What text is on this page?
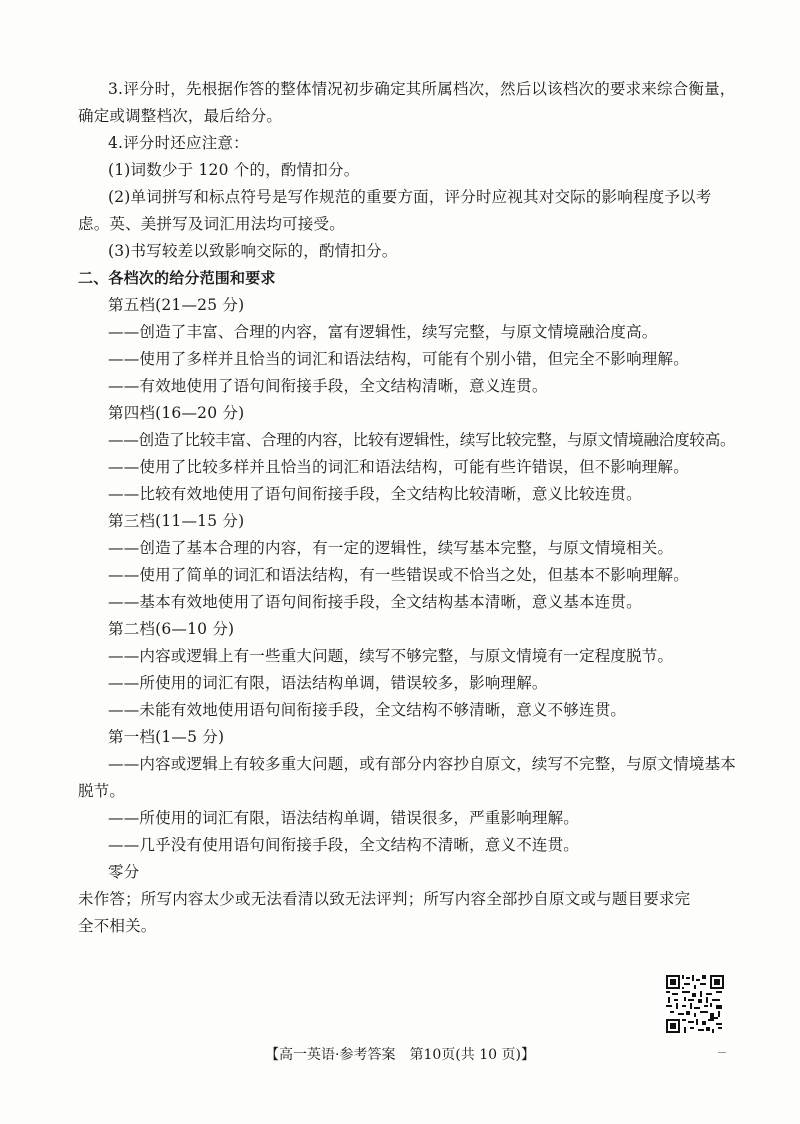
3.评分时，先根据作答的整体情况初步确定其所属档次，然后以该档次的要求来综合衡量，
确定或调整档次，最后给分。
4.评分时还应注意：
(1)词数少于 120 个的，酌情扣分。
(2)单词拼写和标点符号是写作规范的重要方面，评分时应视其对交际的影响程度予以考
虑。英、美拼写及词汇用法均可接受。
(3)书写较差以致影响交际的，酌情扣分。
二、各档次的给分范围和要求
第五档(21—25 分)
——创造了丰富、合理的内容，富有逻辑性，续写完整，与原文情境融洽度高。
——使用了多样并且恰当的词汇和语法结构，可能有个别小错，但完全不影响理解。
——有效地使用了语句间衔接手段，全文结构清晰，意义连贯。
第四档(16—20 分)
——创造了比较丰富、合理的内容，比较有逻辑性，续写比较完整，与原文情境融洽度较高。
——使用了比较多样并且恰当的词汇和语法结构，可能有些许错误，但不影响理解。
——比较有效地使用了语句间衔接手段，全文结构比较清晰，意义比较连贯。
第三档(11—15 分)
——创造了基本合理的内容，有一定的逻辑性，续写基本完整，与原文情境相关。
——使用了简单的词汇和语法结构，有一些错误或不恰当之处，但基本不影响理解。
——基本有效地使用了语句间衔接手段，全文结构基本清晰，意义基本连贯。
第二档(6—10 分)
——内容或逻辑上有一些重大问题，续写不够完整，与原文情境有一定程度脱节。
——所使用的词汇有限，语法结构单调，错误较多，影响理解。
——未能有效地使用语句间衔接手段，全文结构不够清晰，意义不够连贯。
第一档(1—5 分)
——内容或逻辑上有较多重大问题，或有部分内容抄自原文，续写不完整，与原文情境基本
脱节。
——所使用的词汇有限，语法结构单调，错误很多，严重影响理解。
——几乎没有使用语句间衔接手段，全文结构不清晰，意义不连贯。
零分
未作答；所写内容太少或无法看清以致无法评判；所写内容全部抄自原文或与题目要求完
全不相关。
【高一英语·参考答案　第10页(共 10 页)】
